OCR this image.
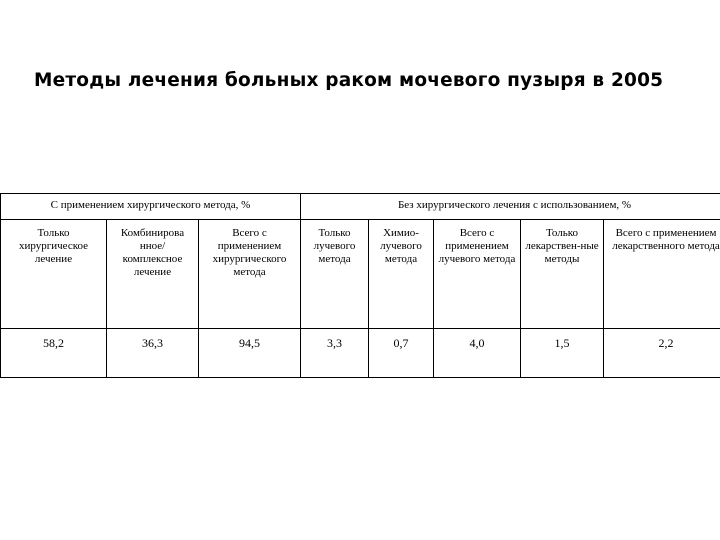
Методы лечения больных раком мочевого пузыря в 2005
С применением хирургического метода, %			Без хирургического лечения с использованием, %				
Только хирургическое лечение	Комбинирова нное/ комплексное лечение	Всего с применением хирургического метода	Только лучевого метода	Химио-лучевого метода	Всего с применением лучевого метода	Только лекарствен-ные методы	Всего с применением лекарственного метода
58,2	36,3	94,5	3,3	0,7	4,0	1,5	2,2
